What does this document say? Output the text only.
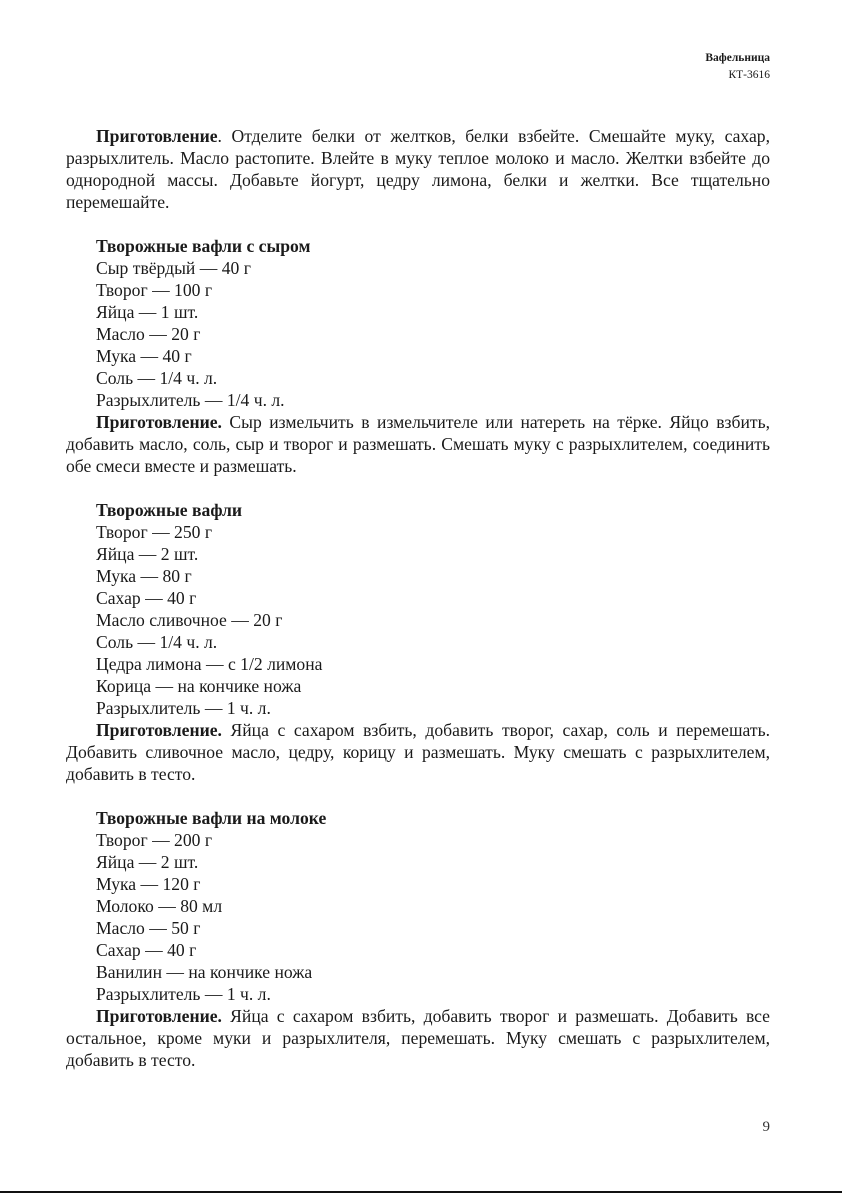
Вафельница
КТ-3616

Приготовление. Отделите белки от желтков, белки взбейте. Смешайте муку, сахар, разрыхлитель. Масло растопите. Влейте в муку теплое молоко и масло. Желтки взбейте до однородной массы. Добавьте йогурт, цедру лимона, белки и желтки. Все тщательно перемешайте.

Творожные вафли с сыром

Сыр твёрдый — 40 г
Творог — 100 г
Яйца — 1 шт.
Масло — 20 г
Мука — 40 г
Соль — 1/4 ч. л.
Разрыхлитель — 1/4 ч. л.

Приготовление. Сыр измельчить в измельчителе или натереть на тёрке. Яйцо взбить, добавить масло, соль, сыр и творог и размешать. Смешать муку с разрыхлителем, соединить обе смеси вместе и размешать.

Творожные вафли

Творог — 250 г
Яйца — 2 шт.
Мука — 80 г
Сахар — 40 г
Масло сливочное — 20 г
Соль — 1/4 ч. л.
Цедра лимона — с 1/2 лимона
Корица — на кончике ножа
Разрыхлитель — 1 ч. л.

Приготовление. Яйца с сахаром взбить, добавить творог, сахар, соль и перемешать. Добавить сливочное масло, цедру, корицу и размешать. Муку смешать с разрыхлителем, добавить в тесто.

Творожные вафли на молоке

Творог — 200 г
Яйца — 2 шт.
Мука — 120 г
Молоко — 80 мл
Масло — 50 г
Сахар — 40 г
Ванилин — на кончике ножа
Разрыхлитель — 1 ч. л.

Приготовление. Яйца с сахаром взбить, добавить творог и размешать. Добавить все остальное, кроме муки и разрыхлителя, перемешать. Муку смешать с разрыхлителем, добавить в тесто.

9
